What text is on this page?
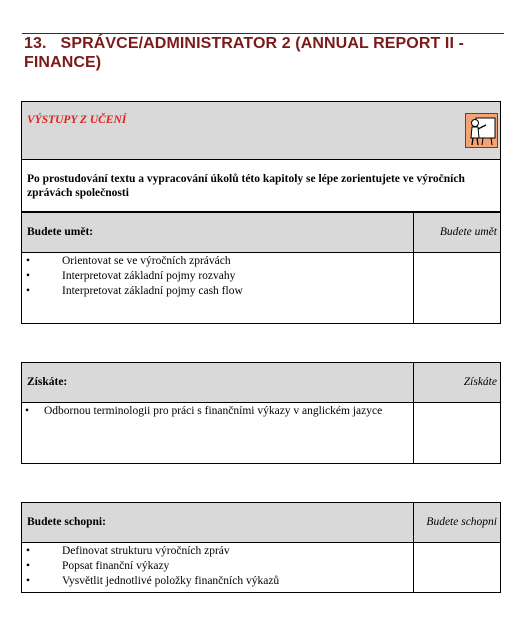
13. SPRÁVCE/ADMINISTRATOR 2 (ANNUAL REPORT II - FINANCE)
VÝSTUPY Z UČENÍ
Po prostudování textu a vypracování úkolů této kapitoly se lépe zorientujete ve výročních zprávách společnosti
Budete umět:	Budete umět
• Orientovat se ve výročních zprávách
• Interpretovat základní pojmy rozvahy
• Interpretovat základní pojmy cash flow
Získáte:	Získáte
• Odbornou terminologii pro práci s finančními výkazy v anglickém jazyce
Budete schopni:	Budete schopni
• Definovat strukturu výročních zpráv
• Popsat finanční výkazy
• Vysvětlit jednotlivé položky finančních výkazů
